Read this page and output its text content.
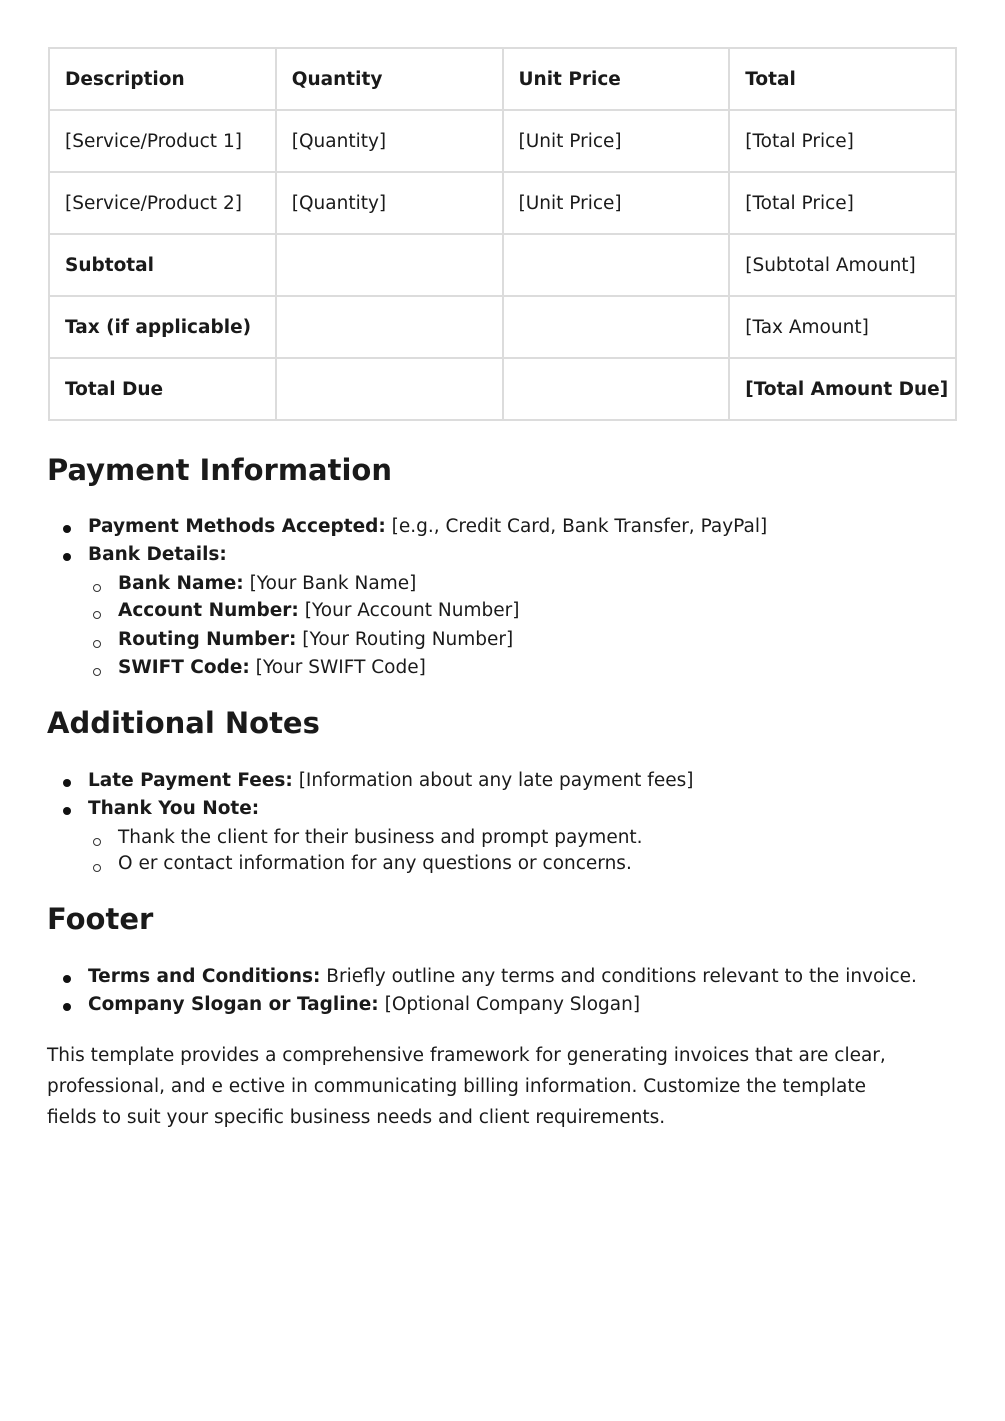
Description	Quantity	Unit Price	Total
[Service/Product 1]	[Quantity]	[Unit Price]	[Total Price]
[Service/Product 2]	[Quantity]	[Unit Price]	[Total Price]
Subtotal			[Subtotal Amount]
Tax (if applicable)			[Tax Amount]
Total Due			[Total Amount Due]
Payment Information
Payment Methods Accepted: [e.g., Credit Card, Bank Transfer, PayPal]
Bank Details:
Bank Name: [Your Bank Name]
Account Number: [Your Account Number]
Routing Number: [Your Routing Number]
SWIFT Code: [Your SWIFT Code]
Additional Notes
Late Payment Fees: [Information about any late payment fees]
Thank You Note:
Thank the client for their business and prompt payment.
O er contact information for any questions or concerns.
Footer
Terms and Conditions: Briefly outline any terms and conditions relevant to the invoice.
Company Slogan or Tagline: [Optional Company Slogan]
This template provides a comprehensive framework for generating invoices that are clear,
professional, and e ective in communicating billing information. Customize the template
fields to suit your specific business needs and client requirements.
